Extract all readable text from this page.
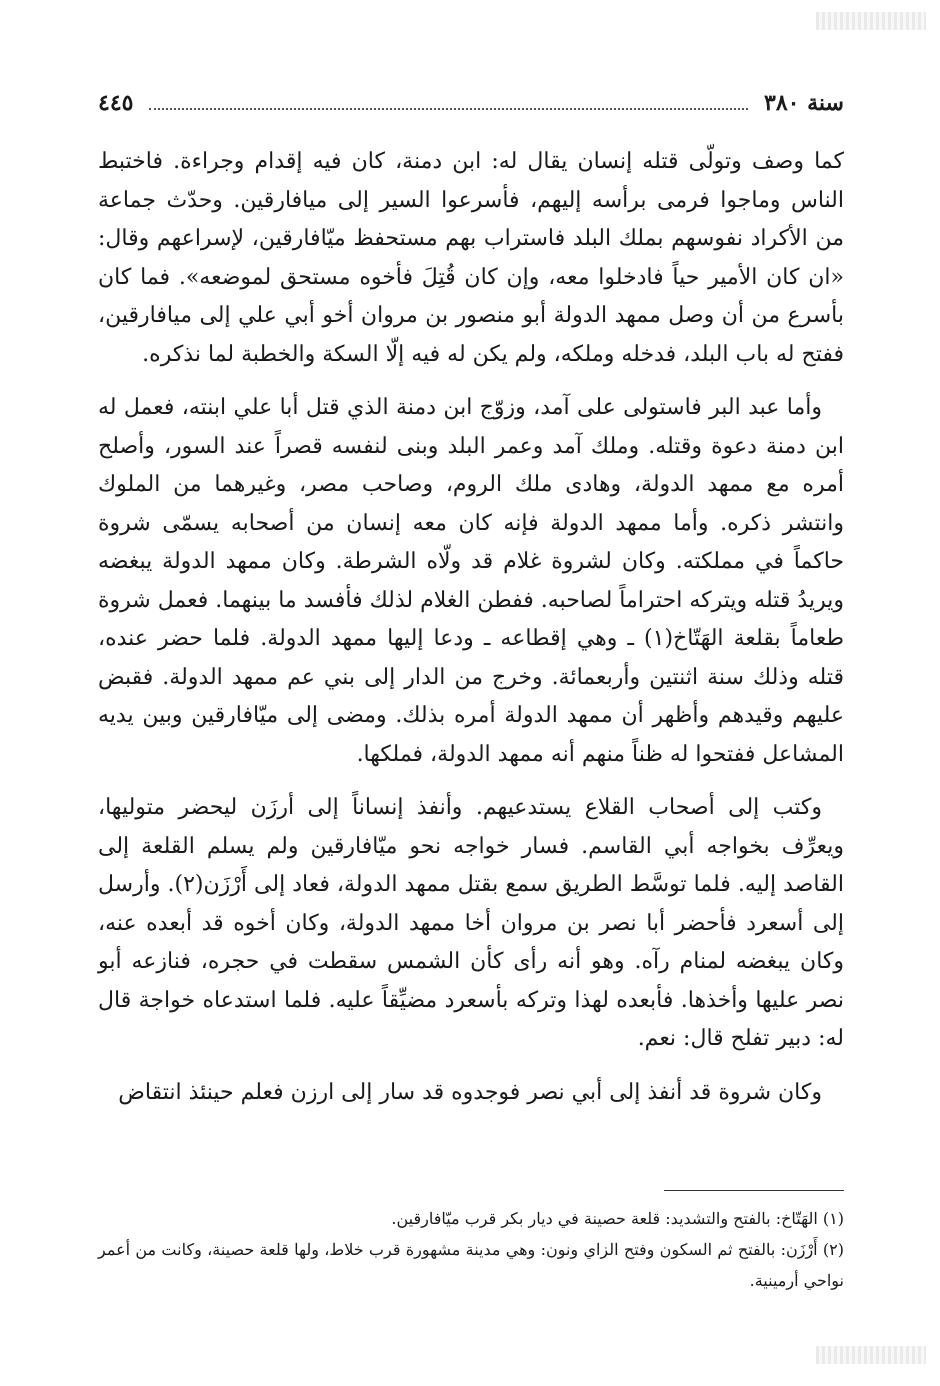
سنة ٣٨٠
٤٤٥

كما وصف وتولّى قتله إنسان يقال له: ابن دمنة، كان فيه إقدام وجراءة. فاختبط الناس وماجوا فرمى برأسه إليهم، فأسرعوا السير إلى ميافارقين. وحدّث جماعة من الأكراد نفوسهم بملك البلد فاستراب بهم مستحفظ ميّافارقين، لإسراعهم وقال: «ان كان الأمير حياً فادخلوا معه، وإن كان قُتِلَ فأخوه مستحق لموضعه». فما كان بأسرع من أن وصل ممهد الدولة أبو منصور بن مروان أخو أبي علي إلى ميافارقين، ففتح له باب البلد، فدخله وملكه، ولم يكن له فيه إلّا السكة والخطبة لما نذكره.

وأما عبد البر فاستولى على آمد، وزوّج ابن دمنة الذي قتل أبا علي ابنته، فعمل له ابن دمنة دعوة وقتله. وملك آمد وعمر البلد وبنى لنفسه قصراً عند السور، وأصلح أمره مع ممهد الدولة، وهادى ملك الروم، وصاحب مصر، وغيرهما من الملوك وانتشر ذكره. وأما ممهد الدولة فإنه كان معه إنسان من أصحابه يسمّى شروة حاكماً في مملكته. وكان لشروة غلام قد ولّاه الشرطة. وكان ممهد الدولة يبغضه ويريدُ قتله ويتركه احتراماً لصاحبه. ففطن الغلام لذلك فأفسد ما بينهما. فعمل شروة طعاماً بقلعة الهَتّاخ(١) ـ وهي إقطاعه ـ ودعا إليها ممهد الدولة. فلما حضر عنده، قتله وذلك سنة اثنتين وأربعمائة. وخرج من الدار إلى بني عم ممهد الدولة. فقبض عليهم وقيدهم وأظهر أن ممهد الدولة أمره بذلك. ومضى إلى ميّافارقين وبين يديه المشاعل ففتحوا له ظناً منهم أنه ممهد الدولة، فملكها.

وكتب إلى أصحاب القلاع يستدعيهم. وأنفذ إنساناً إلى أرزَن ليحضر متوليها، ويعرِّف بخواجه أبي القاسم. فسار خواجه نحو ميّافارقين ولم يسلم القلعة إلى القاصد إليه. فلما توسَّط الطريق سمع بقتل ممهد الدولة، فعاد إلى أَرْزَن(٢). وأرسل إلى أسعرد فأحضر أبا نصر بن مروان أخا ممهد الدولة، وكان أخوه قد أبعده عنه، وكان يبغضه لمنام رآه. وهو أنه رأى كأن الشمس سقطت في حجره، فنازعه أبو نصر عليها وأخذها. فأبعده لهذا وتركه بأسعرد مضيِّقاً عليه. فلما استدعاه خواجة قال له: دبير تفلح قال: نعم.

وكان شروة قد أنفذ إلى أبي نصر فوجدوه قد سار إلى ارزن فعلم حينئذ انتقاض

(١) الهَتّاخ: بالفتح والتشديد: قلعة حصينة في ديار بكر قرب ميّافارقين.

(٢) أَرْزَن: بالفتح ثم السكون وفتح الزاي ونون: وهي مدينة مشهورة قرب خلاط، ولها قلعة حصينة، وكانت من أعمر نواحي أرمينية.
